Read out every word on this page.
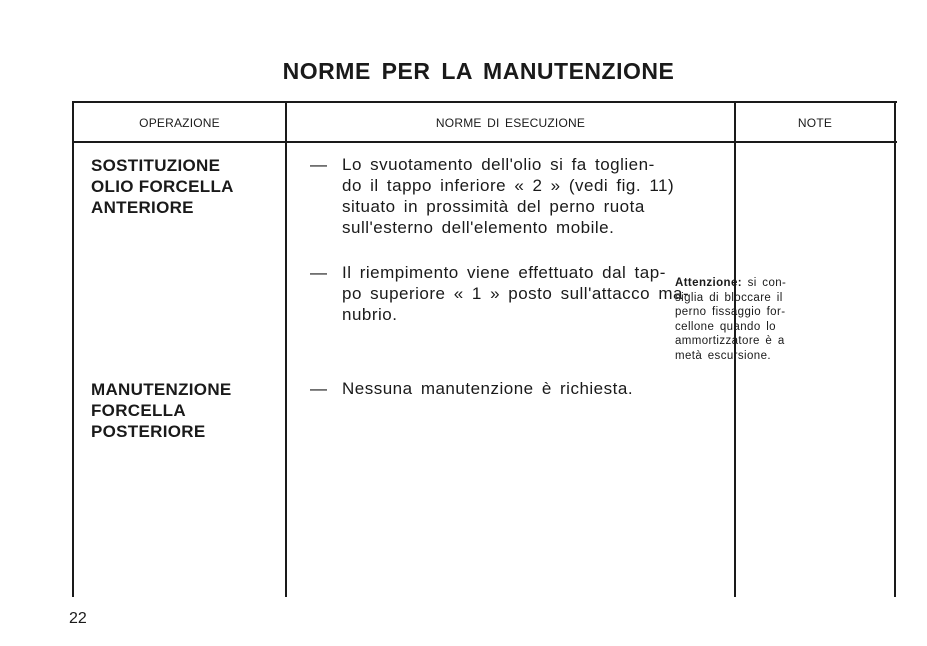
NORME PER LA MANUTENZIONE
OPERAZIONE	NORME DI ESECUZIONE	NOTE
SOSTITUZIONE
OLIO FORCELLA
ANTERIORE
MANUTENZIONE
FORCELLA
POSTERIORE
— Lo svuotamento dell'olio si fa toglien-
do il tappo inferiore « 2 » (vedi fig. 11)
situato in prossimità del perno ruota
sull'esterno dell'elemento mobile.
— Il riempimento viene effettuato dal tap-
po superiore « 1 » posto sull'attacco ma-
nubrio.
— Nessuna manutenzione è richiesta.
Attenzione: si con-
siglia di bloccare il
perno fissaggio for-
cellone quando lo
ammortizzatore è a
metà escursione.
22
